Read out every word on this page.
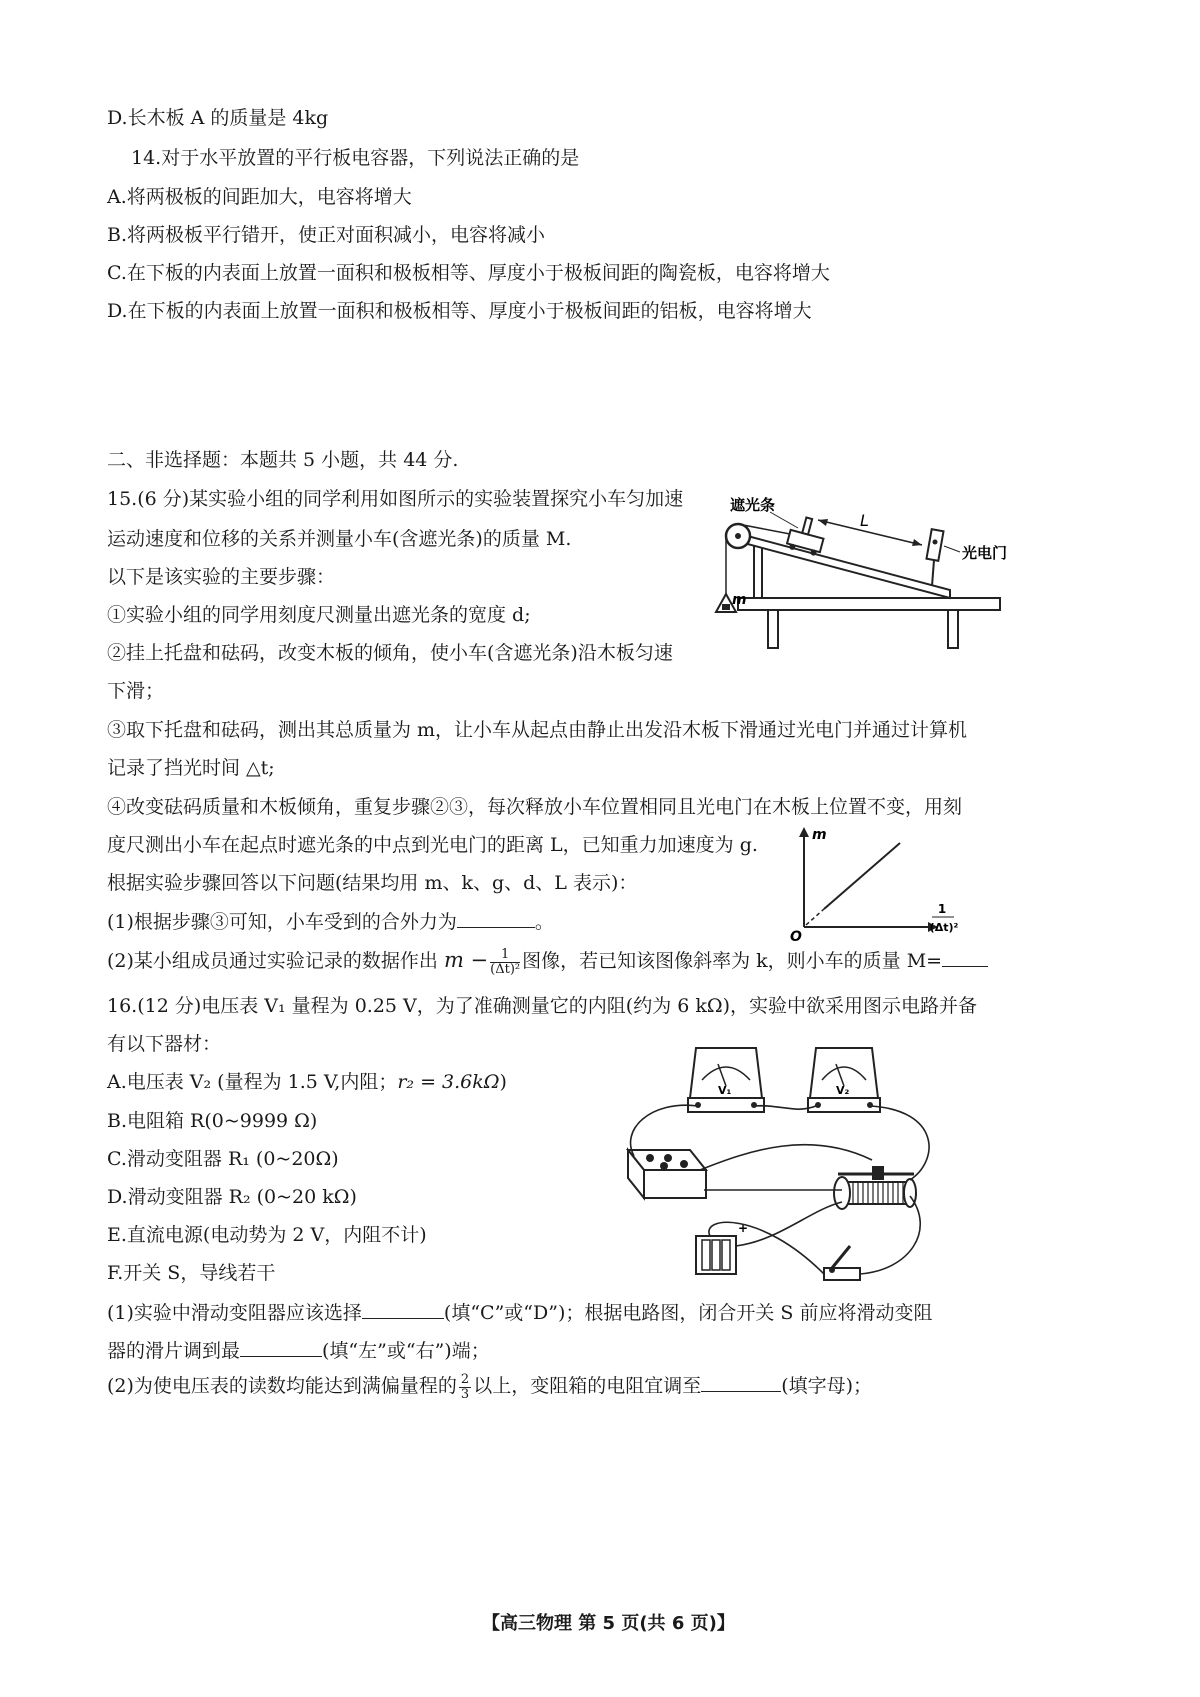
D.长木板 A 的质量是 4kg
14.对于水平放置的平行板电容器，下列说法正确的是
A.将两极板的间距加大，电容将增大
B.将两极板平行错开，使正对面积减小，电容将减小
C.在下板的内表面上放置一面积和极板相等、厚度小于极板间距的陶瓷板，电容将增大
D.在下板的内表面上放置一面积和极板相等、厚度小于极板间距的铝板，电容将增大
二、非选择题：本题共 5 小题，共 44 分.
15.(6 分)某实验小组的同学利用如图所示的实验装置探究小车匀加速
运动速度和位移的关系并测量小车(含遮光条)的质量 M.
以下是该实验的主要步骤：
①实验小组的同学用刻度尺测量出遮光条的宽度 d;
②挂上托盘和砝码，改变木板的倾角，使小车(含遮光条)沿木板匀速
下滑；
③取下托盘和砝码，测出其总质量为 m，让小车从起点由静止出发沿木板下滑通过光电门并通过计算机
记录了挡光时间 △t;
④改变砝码质量和木板倾角，重复步骤②③，每次释放小车位置相同且光电门在木板上位置不变，用刻
度尺测出小车在起点时遮光条的中点到光电门的距离 L，已知重力加速度为 g.
根据实验步骤回答以下问题(结果均用 m、k、g、d、L 表示)：
(1)根据步骤③可知，小车受到的合外力为	。
(2)某小组成员通过实验记录的数据作出 $m - \frac{1}{\text{(Δt)²}}$ 图像，若已知该图像斜率为 k，则小车的质量 M=
16.(12 分)电压表 V₁ 量程为 0.25 V，为了准确测量它的内阻(约为 6 kΩ)，实验中欲采用图示电路并备
有以下器材：
A.电压表 V₂ (量程为 1.5 V,内阻；r₂ = 3.6kΩ)
B.电阻箱 R(0~9999 Ω)
C.滑动变阻器 R₁ (0~20Ω)
D.滑动变阻器 R₂ (0~20 kΩ)
E.直流电源(电动势为 2 V，内阻不计)
F.开关 S，导线若干
(1)实验中滑动变阻器应该选择	(填“C”或“D”)；根据电路图，闭合开关 S 前应将滑动变阻
器的滑片调到最	(填“左”或“右”)端；
(2)为使电压表的读数均能达到满偏量程的 $\frac{2}{3}$ 以上，变阻箱的电阻宜调至	(填字母)；
遮光条
L
光电门
m
m
O
1
(Δt)²
V₁	V₂
+
【高三物理 第 5 页(共 6 页)】
